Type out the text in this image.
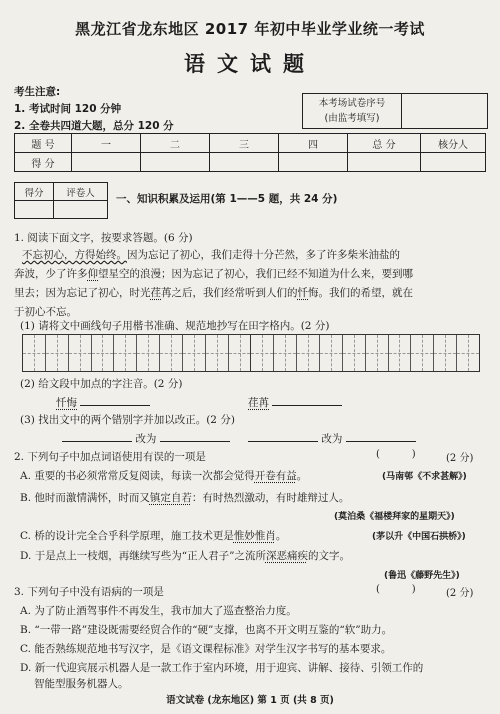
黑龙江省龙东地区 2017 年初中毕业学业统一考试
语文试题
考生注意:
1. 考试时间 120 分钟
2. 全卷共四道大题，总分 120 分
本考场试卷序号
(由监考填写)
题 号	一	二	三	四	总 分	核分人
得 分						
得分	评卷人
	一、知识积累及运用(第 1——5 题，共 24 分)
1. 阅读下面文字，按要求答题。(6 分)
不忘初心，方得始终。因为忘记了初心，我们走得十分芒然，多了许多柴米油盐的
奔波，少了许多仰望星空的浪漫；因为忘记了初心，我们已经不知道为什么来，要到哪
里去；因为忘记了初心，时光荏苒之后，我们经常听到人们的忏悔。我们的希望，就在
于初心不忘。
(1) 请将文中画线句子用楷书准确、规范地抄写在田字格内。(2 分)
(2) 给文段中加点的字注音。(2 分)
忏悔	荏苒
(3) 找出文中的两个错别字并加以改正。(2 分)
改为	改为
2. 下列句子中加点词语使用有误的一项是	(          )	(2 分)
A. 重要的书必须常常反复阅读，每读一次都会觉得开卷有益。	(马南邨《不求甚解》)
B. 他时而激情满怀，时而又镇定自若：有时热烈激动，有时雄辩过人。
(莫泊桑《福楼拜家的星期天》)
C. 桥的设计完全合乎科学原理，施工技术更是惟妙惟肖。	(茅以升《中国石拱桥》)
D. 于是点上一枝烟，再继续写些为“正人君子”之流所深恶痛疾的文字。
(鲁迅《藤野先生》)
3. 下列句子中没有语病的一项是	(          )	(2 分)
A. 为了防止酒驾事件不再发生，我市加大了巡查整治力度。
B. “一带一路”建设既需要经贸合作的“硬”支撑，也离不开文明互鉴的“软”助力。
C. 能否熟练规范地书写汉字，是《语文课程标准》对学生汉字书写的基本要求。
D. 新一代迎宾展示机器人是一款工作于室内环境，用于迎宾、讲解、接待、引领工作的
智能型服务机器人。
语文试卷 (龙东地区) 第 1 页 (共 8 页)
